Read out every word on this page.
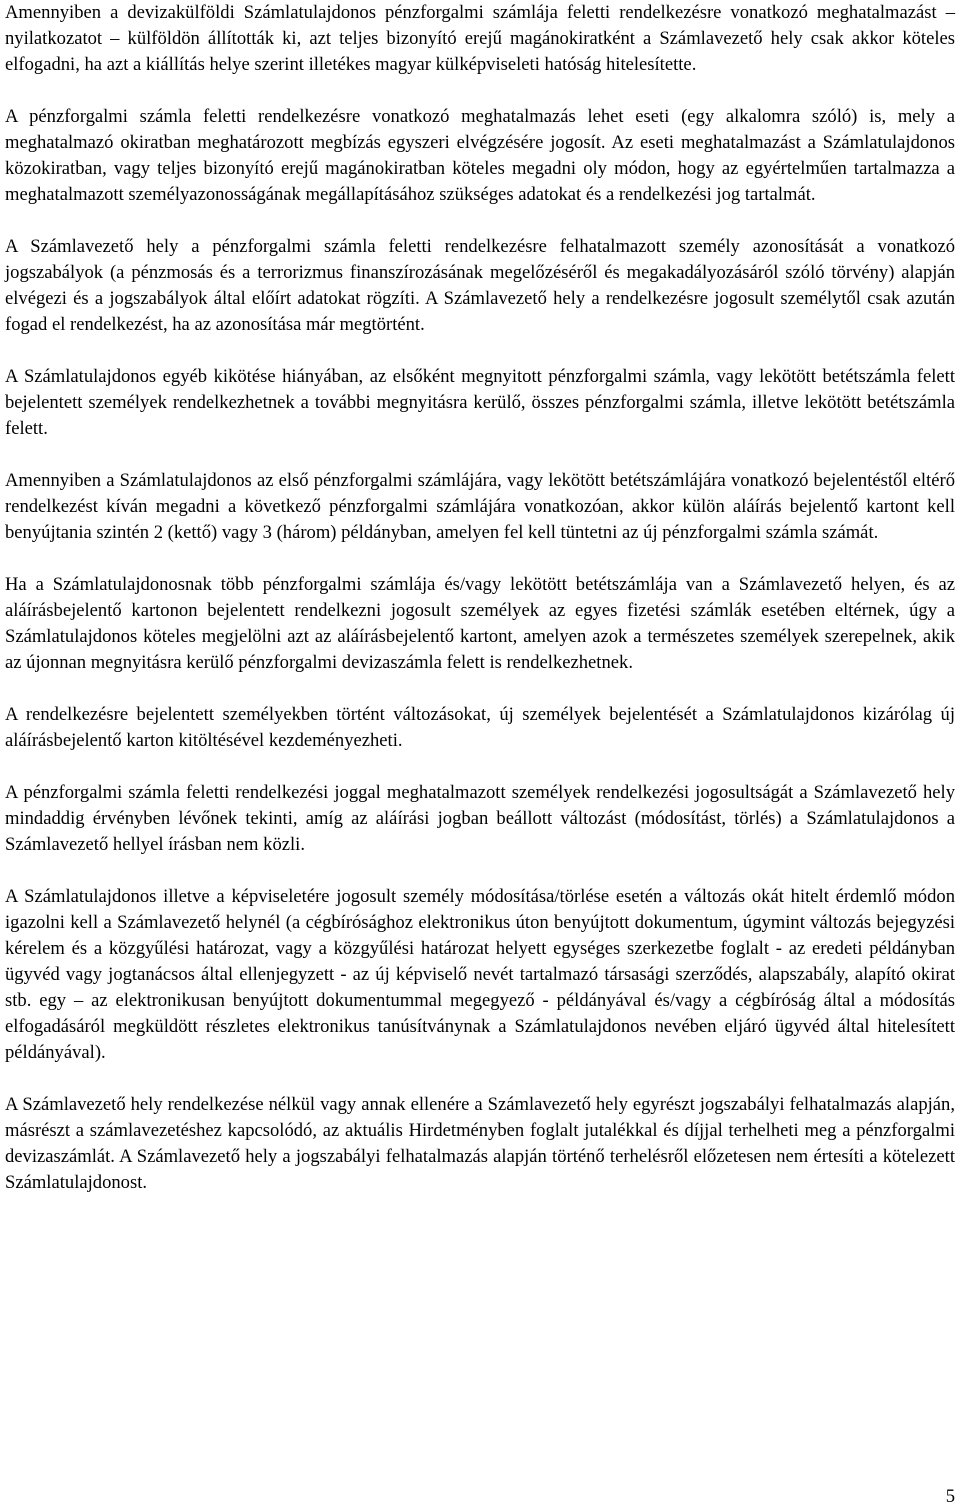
Amennyiben a devizakülföldi Számlatulajdonos pénzforgalmi számlája feletti rendelkezésre vonatkozó meghatalmazást – nyilatkozatot – külföldön állították ki, azt teljes bizonyító erejű magánokiratként a Számlavezető hely csak akkor köteles elfogadni, ha azt a kiállítás helye szerint illetékes magyar külképviseleti hatóság hitelesítette.

A pénzforgalmi számla feletti rendelkezésre vonatkozó meghatalmazás lehet eseti (egy alkalomra szóló) is, mely a meghatalmazó okiratban meghatározott megbízás egyszeri elvégzésére jogosít. Az eseti meghatalmazást a Számlatulajdonos közokiratban, vagy teljes bizonyító erejű magánokiratban köteles megadni oly módon, hogy az egyértelműen tartalmazza a meghatalmazott személyazonosságának megállapításához szükséges adatokat és a rendelkezési jog tartalmát.

A Számlavezető hely a pénzforgalmi számla feletti rendelkezésre felhatalmazott személy azonosítását a vonatkozó jogszabályok (a pénzmosás és a terrorizmus finanszírozásának megelőzéséről és megakadályozásáról szóló törvény) alapján elvégezi és a jogszabályok által előírt adatokat rögzíti. A Számlavezető hely a rendelkezésre jogosult személytől csak azután fogad el rendelkezést, ha az azonosítása már megtörtént.

A Számlatulajdonos egyéb kikötése hiányában, az elsőként megnyitott pénzforgalmi számla, vagy lekötött betétszámla felett bejelentett személyek rendelkezhetnek a további megnyitásra kerülő, összes pénzforgalmi számla, illetve lekötött betétszámla felett.

Amennyiben a Számlatulajdonos az első pénzforgalmi számlájára, vagy lekötött betétszámlájára vonatkozó bejelentéstől eltérő rendelkezést kíván megadni a következő pénzforgalmi számlájára vonatkozóan, akkor külön aláírás bejelentő kartont kell benyújtania szintén 2 (kettő) vagy 3 (három) példányban, amelyen fel kell tüntetni az új pénzforgalmi számla számát.

Ha a Számlatulajdonosnak több pénzforgalmi számlája és/vagy lekötött betétszámlája van a Számlavezető helyen, és az aláírásbejelentő kartonon bejelentett rendelkezni jogosult személyek az egyes fizetési számlák esetében eltérnek, úgy a Számlatulajdonos köteles megjelölni azt az aláírásbejelentő kartont, amelyen azok a természetes személyek szerepelnek, akik az újonnan megnyitásra kerülő pénzforgalmi devizaszámla felett is rendelkezhetnek.

A rendelkezésre bejelentett személyekben történt változásokat, új személyek bejelentését a Számlatulajdonos kizárólag új aláírásbejelentő karton kitöltésével kezdeményezheti.

A pénzforgalmi számla feletti rendelkezési joggal meghatalmazott személyek rendelkezési jogosultságát a Számlavezető hely mindaddig érvényben lévőnek tekinti, amíg az aláírási jogban beállott változást (módosítást, törlés) a Számlatulajdonos a Számlavezető hellyel írásban nem közli.

A Számlatulajdonos illetve a képviseletére jogosult személy módosítása/törlése esetén a változás okát hitelt érdemlő módon igazolni kell a Számlavezető helynél (a cégbírósághoz elektronikus úton benyújtott dokumentum, úgymint változás bejegyzési kérelem és a közgyűlési határozat, vagy a közgyűlési határozat helyett egységes szerkezetbe foglalt - az eredeti példányban ügyvéd vagy jogtanácsos által ellenjegyzett - az új képviselő nevét tartalmazó társasági szerződés, alapszabály, alapító okirat stb. egy – az elektronikusan benyújtott dokumentummal megegyező - példányával és/vagy a cégbíróság által a módosítás elfogadásáról megküldött részletes elektronikus tanúsítványnak a Számlatulajdonos nevében eljáró ügyvéd által hitelesített példányával).

A Számlavezető hely rendelkezése nélkül vagy annak ellenére a Számlavezető hely egyrészt jogszabályi felhatalmazás alapján, másrészt a számlavezetéshez kapcsolódó, az aktuális Hirdetményben foglalt jutalékkal és díjjal terhelheti meg a pénzforgalmi devizaszámlát. A Számlavezető hely a jogszabályi felhatalmazás alapján történő terhelésről előzetesen nem értesíti a kötelezett Számlatulajdonost.

5
